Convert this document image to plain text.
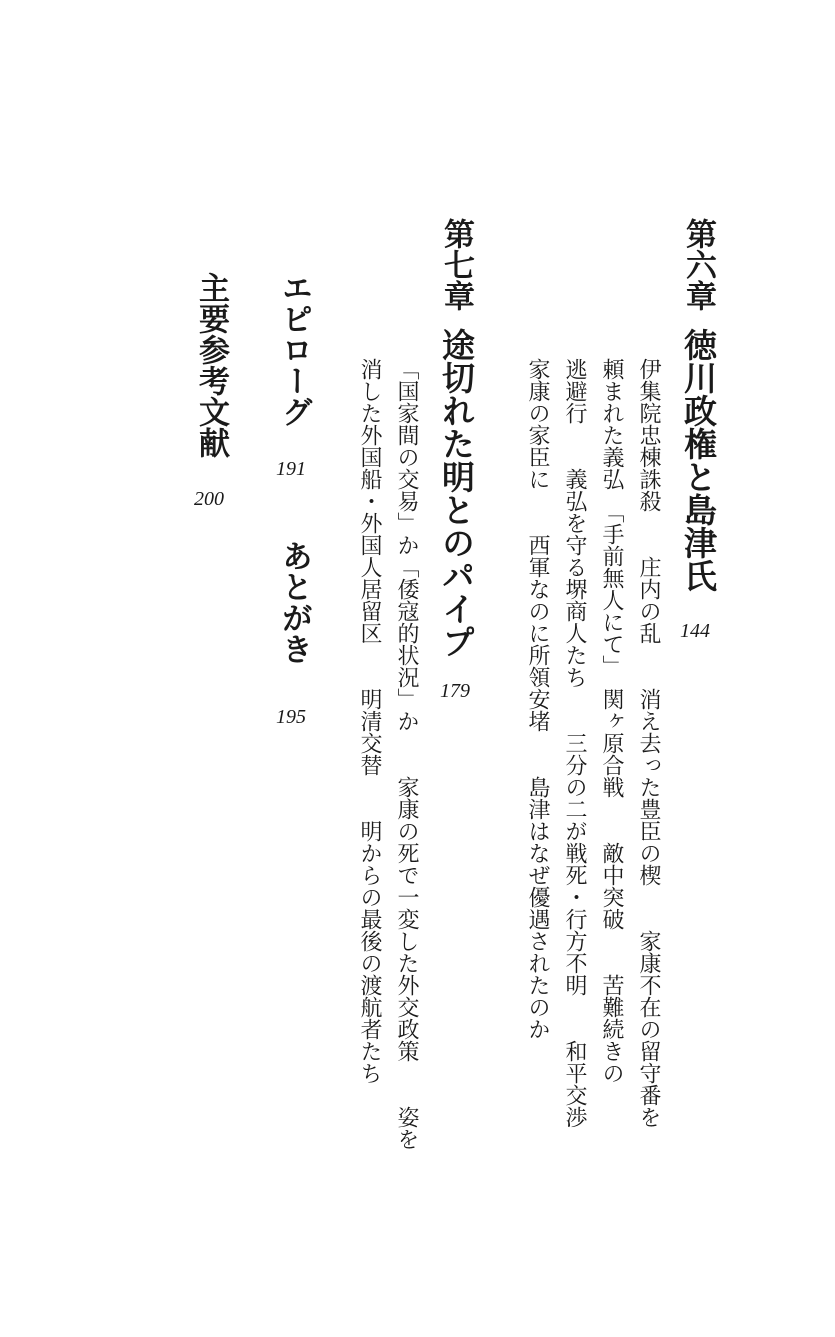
第六章
徳川政権と島津氏
144
伊集院忠棟誅殺　　庄内の乱　　消え去った豊臣の楔　　家康不在の留守番を
頼まれた義弘　「手前無人にて」　関ヶ原合戦　　敵中突破　　苦難続きの
逃避行　　義弘を守る堺商人たち　　三分の二が戦死・行方不明　　和平交渉
家康の家臣に　　西軍なのに所領安堵　　島津はなぜ優遇されたのか
第七章
途切れた明とのパイプ
179
「国家間の交易」か「倭寇的状況」か　　家康の死で一変した外交政策　　姿を
消した外国船・外国人居留区　　明清交替　　明からの最後の渡航者たち
エピローグ
191
あとがき
195
主要参考文献
200
